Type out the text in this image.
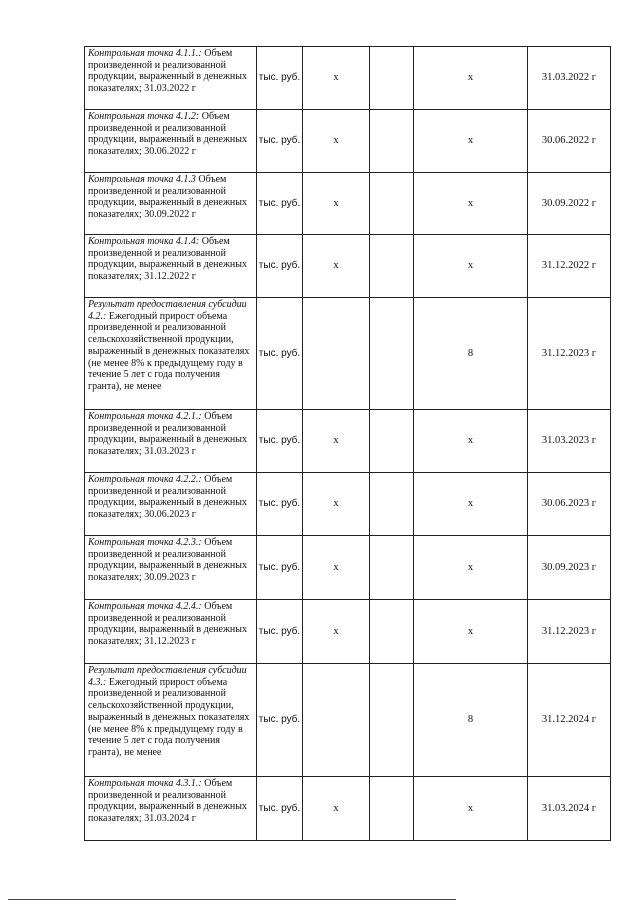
Контрольная точка 4.1.1.: Объем произведенной и реализованной продукции, выраженный в денежных показателях; 31.03.2022 г	тыс. руб.	x		x	31.03.2022 г
Контрольная точка 4.1.2: Объем произведенной и реализованной продукции, выраженный в денежных показателях; 30.06.2022 г	тыс. руб.	x		x	30.06.2022 г
Контрольная точка 4.1.3 Объем произведенной и реализованной продукции, выраженный в денежных показателях; 30.09.2022 г	тыс. руб.	x		x	30.09.2022 г
Контрольная точка 4.1.4: Объем произведенной и реализованной продукции, выраженный в денежных показателях; 31.12.2022 г	тыс. руб.	x		x	31.12.2022 г
Результат предоставления субсидии 4.2.: Ежегодный прирост объема произведенной и реализованной сельскохозяйственной продукции, выраженный в денежных показателях (не менее 8% к предыдущему году в течение 5 лет с года получения гранта), не менее	тыс. руб.			8	31.12.2023 г
Контрольная точка 4.2.1.: Объем произведенной и реализованной продукции, выраженный в денежных показателях; 31.03.2023 г	тыс. руб.	x		x	31.03.2023 г
Контрольная точка 4.2.2.: Объем произведенной и реализованной продукции, выраженный в денежных показателях; 30.06.2023 г	тыс. руб.	x		x	30.06.2023 г
Контрольная точка 4.2.3.: Объем произведенной и реализованной продукции, выраженный в денежных показателях; 30.09.2023 г	тыс. руб.	x		x	30.09.2023 г
Контрольная точка 4.2.4.: Объем произведенной и реализованной продукции, выраженный в денежных показателях; 31.12.2023 г	тыс. руб.	x		x	31.12.2023 г
Результат предоставления субсидии 4.3.: Ежегодный прирост объема произведенной и реализованной сельскохозяйственной продукции, выраженный в денежных показателях (не менее 8% к предыдущему году в течение 5 лет с года получения гранта), не менее	тыс. руб.			8	31.12.2024 г
Контрольная точка 4.3.1.: Объем произведенной и реализованной продукции, выраженный в денежных показателях; 31.03.2024 г	тыс. руб.	x		x	31.03.2024 г
